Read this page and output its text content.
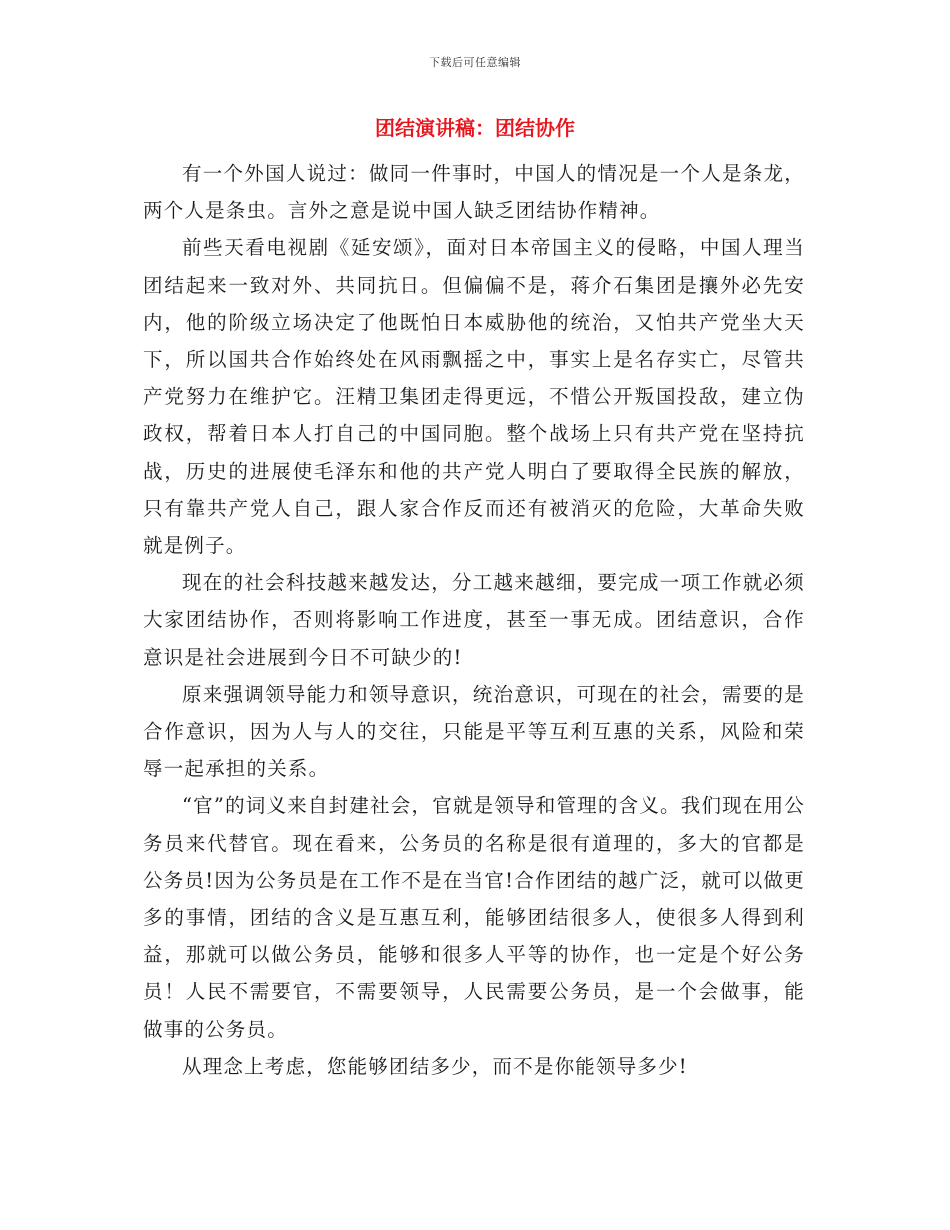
下载后可任意编辑
团结演讲稿：团结协作

有一个外国人说过：做同一件事时，中国人的情况是一个人是条龙，两个人是条虫。言外之意是说中国人缺乏团结协作精神。

前些天看电视剧《延安颂》，面对日本帝国主义的侵略，中国人理当团结起来一致对外、共同抗日。但偏偏不是，蒋介石集团是攘外必先安内，他的阶级立场决定了他既怕日本威胁他的统治，又怕共产党坐大天下，所以国共合作始终处在风雨飘摇之中，事实上是名存实亡，尽管共产党努力在维护它。汪精卫集团走得更远，不惜公开叛国投敌，建立伪政权，帮着日本人打自己的中国同胞。整个战场上只有共产党在坚持抗战，历史的进展使毛泽东和他的共产党人明白了要取得全民族的解放，只有靠共产党人自己，跟人家合作反而还有被消灭的危险，大革命失败就是例子。

现在的社会科技越来越发达，分工越来越细，要完成一项工作就必须大家团结协作，否则将影响工作进度，甚至一事无成。团结意识，合作意识是社会进展到今日不可缺少的!

原来强调领导能力和领导意识，统治意识，可现在的社会，需要的是合作意识，因为人与人的交往，只能是平等互利互惠的关系，风险和荣辱一起承担的关系。

“官”的词义来自封建社会，官就是领导和管理的含义。我们现在用公务员来代替官。现在看来，公务员的名称是很有道理的，多大的官都是公务员!因为公务员是在工作不是在当官!合作团结的越广泛，就可以做更多的事情，团结的含义是互惠互利，能够团结很多人，使很多人得到利益，那就可以做公务员，能够和很多人平等的协作，也一定是个好公务员！人民不需要官，不需要领导，人民需要公务员，是一个会做事，能做事的公务员。

从理念上考虑，您能够团结多少，而不是你能领导多少!
